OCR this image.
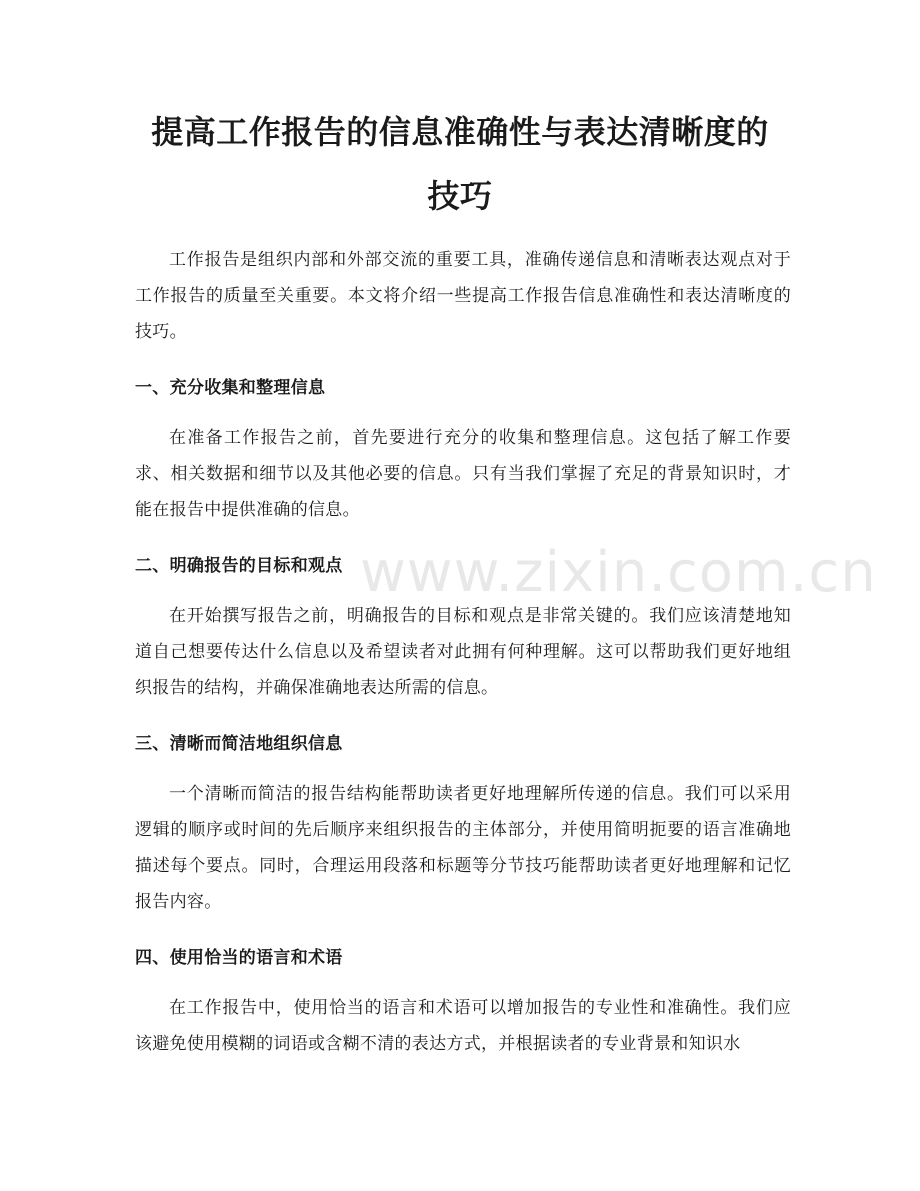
提高工作报告的信息准确性与表达清晰度的
技巧

工作报告是组织内部和外部交流的重要工具，准确传递信息和清晰表达观点对于工作报告的质量至关重要。本文将介绍一些提高工作报告信息准确性和表达清晰度的技巧。

一、充分收集和整理信息

在准备工作报告之前，首先要进行充分的收集和整理信息。这包括了解工作要求、相关数据和细节以及其他必要的信息。只有当我们掌握了充足的背景知识时，才能在报告中提供准确的信息。

二、明确报告的目标和观点

在开始撰写报告之前，明确报告的目标和观点是非常关键的。我们应该清楚地知道自己想要传达什么信息以及希望读者对此拥有何种理解。这可以帮助我们更好地组织报告的结构，并确保准确地表达所需的信息。

三、清晰而简洁地组织信息

一个清晰而简洁的报告结构能帮助读者更好地理解所传递的信息。我们可以采用逻辑的顺序或时间的先后顺序来组织报告的主体部分，并使用简明扼要的语言准确地描述每个要点。同时，合理运用段落和标题等分节技巧能帮助读者更好地理解和记忆报告内容。

四、使用恰当的语言和术语

在工作报告中，使用恰当的语言和术语可以增加报告的专业性和准确性。我们应该避免使用模糊的词语或含糊不清的表达方式，并根据读者的专业背景和知识水

www.zixin.com.cn
